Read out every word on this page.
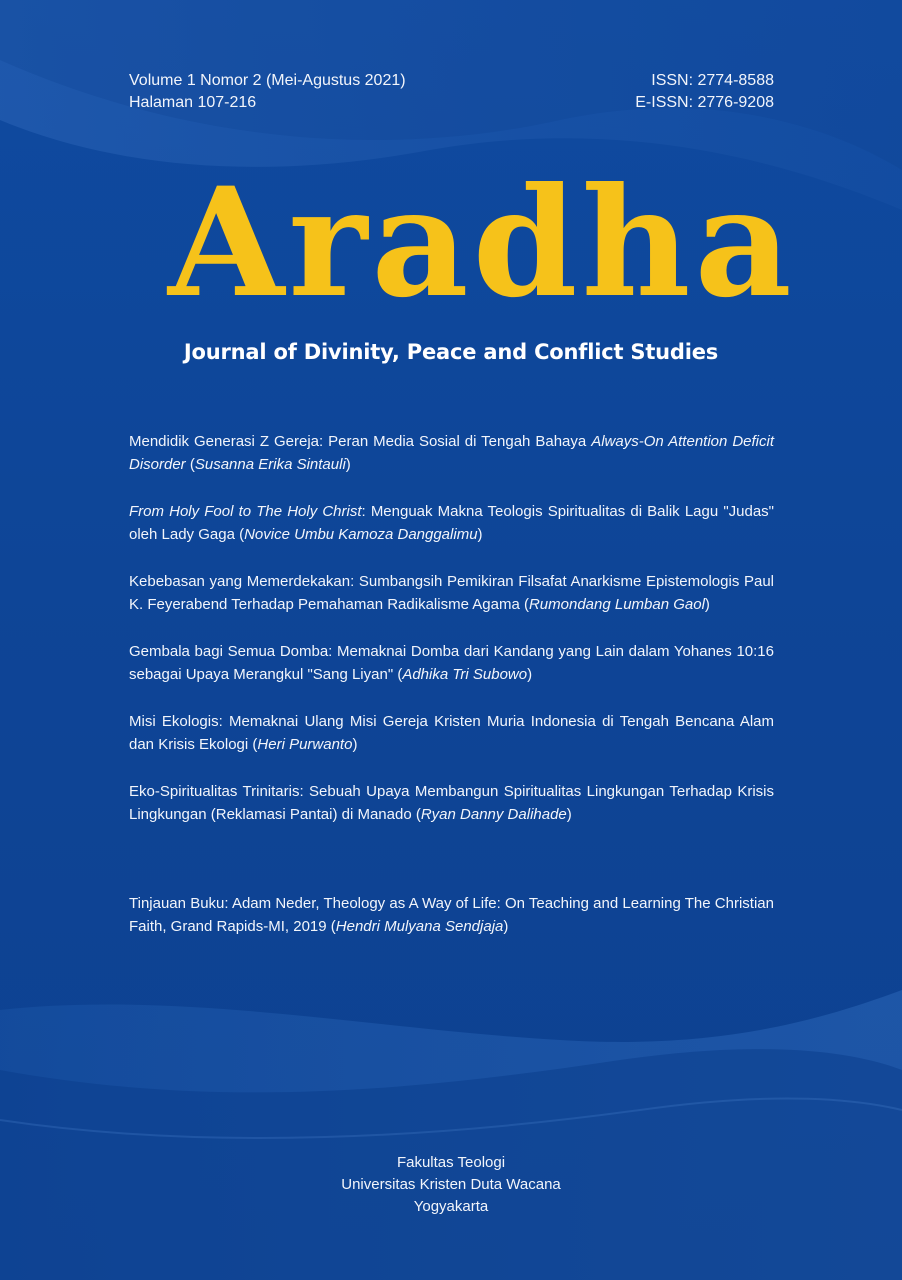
Volume 1 Nomor 2 (Mei-Agustus 2021)
Halaman 107-216
ISSN: 2774-8588
E-ISSN: 2776-9208
Aradha
Journal of Divinity, Peace and Conflict Studies

Mendidik Generasi Z Gereja: Peran Media Sosial di Tengah Bahaya Always-On Attention Deficit Disorder (Susanna Erika Sintauli)

From Holy Fool to The Holy Christ: Menguak Makna Teologis Spiritualitas di Balik Lagu "Judas" oleh Lady Gaga (Novice Umbu Kamoza Danggalimu)

Kebebasan yang Memerdekakan: Sumbangsih Pemikiran Filsafat Anarkisme Epistemologis Paul K. Feyerabend Terhadap Pemahaman Radikalisme Agama (Rumondang Lumban Gaol)

Gembala bagi Semua Domba: Memaknai Domba dari Kandang yang Lain dalam Yohanes 10:16 sebagai Upaya Merangkul "Sang Liyan" (Adhika Tri Subowo)

Misi Ekologis: Memaknai Ulang Misi Gereja Kristen Muria Indonesia di Tengah Bencana Alam dan Krisis Ekologi (Heri Purwanto)

Eko-Spiritualitas Trinitaris: Sebuah Upaya Membangun Spiritualitas Lingkungan Terhadap Krisis Lingkungan (Reklamasi Pantai) di Manado (Ryan Danny Dalihade)

Tinjauan Buku: Adam Neder, Theology as A Way of Life: On Teaching and Learning The Christian Faith, Grand Rapids-MI, 2019 (Hendri Mulyana Sendjaja)

Fakultas Teologi
Universitas Kristen Duta Wacana
Yogyakarta
